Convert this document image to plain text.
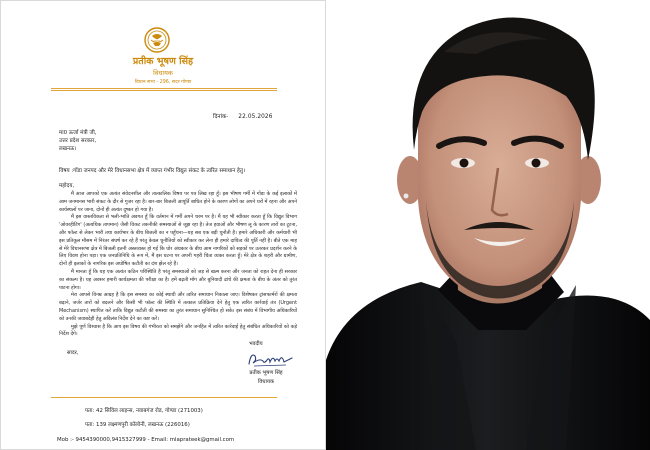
प्रतीक भूषण सिंह
विधायक
विधान सभा - 296, सदर गोण्डा
दिनांक- 22.05.2026
मा0 ऊर्जा मंत्री जी,
उत्तर प्रदेश सरकार,
लखनऊ।
विषय :गोंडा जनपद और मेरे विधानसभा क्षेत्र में व्याप्त गंभीर विद्युत संकट के त्वरित समाधान हेतु।
महोदय,

मैं आज आपको एक अत्यंत संवेदनशील और तात्कालिक विषय पर पत्र लिख रहा हूँ। इस भीषण गर्मी में गोंडा के कई इलाकों में आम जनमानस भारी संकट के दौर से गुजर रहा है। बार-बार बिजली आपूर्ति बाधित होने के कारण लोगों का अपने घरों में रहना और अपने कार्यस्थलों पर जाना, दोनों ही अत्यंत दुष्कर हो गया है।

मैं इस वास्तविकता से भली-भांति अवगत हूँ कि वर्तमान में गर्मी अपने चरम पर है। मैं यह भी स्वीकार करता हूँ कि विद्युत विभाग 'ओवरहीटिंग' (अत्यधिक तापमान) जैसी विकट तकनीकी समस्याओं से जूझ रहा है। तेज हवाओं और भीषण लू के कारण तारों का टूटना, और फॉल्ट से लेकर भारी तथा कार्यभार के बीच बिजली का न पहुँचना—यह सब एक बड़ी चुनौती है। हमारे अधिकारी और कर्मचारी भी इस प्रतिकूल मौसम में निरंतर संघर्ष कर रहे हैं परंतु केवल चुनौतियों को स्वीकार कर लेना ही हमारे दायित्व की पूर्ति नहीं है। बीते एक माह से मेरे विधानसभा क्षेत्र में बिजली इतनी अस्तव्यस्त हो गई कि घोर अंधकार के बीच आम नागरिकों को सड़कों पर उतरकर प्रदर्शन करने के लिए विवश होना पड़ा। एक जनप्रतिनिधि के रूप में, मैं इस घटना पर अपनी गहरी चिंता व्यक्त करता हूँ। मेरे क्षेत्र के शहरी और ग्रामीण, दोनों ही इलाकों के नागरिक इस अघोषित कटौती का दंश झेल रहे हैं।

मैं मानता हूँ कि यह एक अत्यंत कठिन परिस्थिति है परंतु समस्याओं को जड़ से खत्म करना और जनता को राहत देना ही सरकार का संकल्प है। यह अवसर हमारी कार्यक्षमता की परीक्षा का है। हमें बढ़ती माँग और बुनियादी ढांचे की क्षमता के बीच के अंतर को तुरंत पाटना होगा।

मेरा आपसे विनम्र आग्रह है कि इस समस्या का कोई स्थायी और त्वरित समाधान निकाला जाए। विशेषकर ट्रांसफार्मरों की क्षमता बढ़ाने, जर्जर तारों को बदलने और किसी भी फॉल्ट की स्थिति में तत्काल प्रतिक्रिया देने हेतु एक त्वरित कार्रवाई तंत्र (Urgent Mechanism) स्थापित करें ताकि विद्युत कटौती की समस्या का तुरंत समाधान सुनिश्चित हो सके। इस संबंध में विभागीय अधिकारियों को उनकी जवाबदेही हेतु अविलंब निर्देश देने का कष्ट करें।

मुझे पूर्ण विश्वास है कि आप इस विषय की गंभीरता को समझेंगे और जनहित में त्वरित कार्रवाई हेतु संबंधित अधिकारियों को कड़े निर्देश देंगे।

सादर,
भवदीय
प्रतीक भूषण सिंह
विधायक
पता: 42 सिविल लाइन्स, नवाबगंज रोड, गोण्डा (271003)
पता: 139 लक्ष्मणपुरी कॉलोनी, लखनऊ (226016)
Mob :- 9454390000,9415327999 - Email: mlaprateek@gmail.com
